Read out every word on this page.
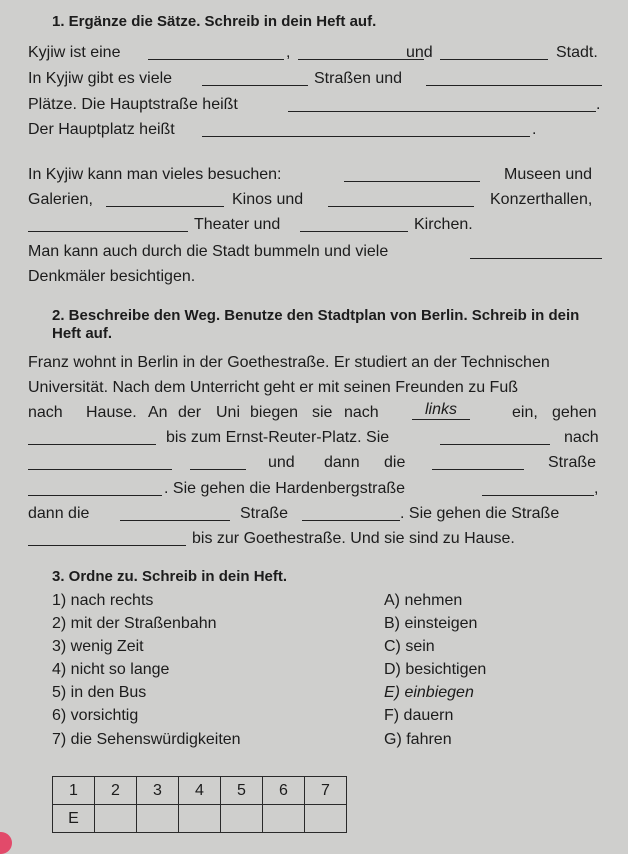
1. Ergänze die Sätze. Schreib in dein Heft auf.
Kyjiw ist eine	,	und	Stadt.
In Kyjiw gibt es viele	Straßen und
Plätze. Die Hauptstraße heißt	.
Der Hauptplatz heißt	.
In Kyjiw kann man vieles besuchen:	Museen und
Galerien,	Kinos und	Konzerthallen,
Theater und	Kirchen.
Man kann auch durch die Stadt bummeln und viele
Denkmäler besichtigen.
2. Beschreibe den Weg. Benutze den Stadtplan von Berlin. Schreib in dein
Heft auf.
Franz wohnt in Berlin in der Goethestraße. Er studiert an der Technischen
Universität. Nach dem Unterricht geht er mit seinen Freunden zu Fuß
nach Hause. An der Uni biegen sie nach	links	ein, gehen
bis zum Ernst-Reuter-Platz. Sie	nach
und dann die	Straße
. Sie gehen die Hardenbergstraße	,
dann die	Straße	. Sie gehen die Straße
bis zur Goethestraße. Und sie sind zu Hause.
3. Ordne zu. Schreib in dein Heft.
1) nach rechts
2) mit der Straßenbahn
3) wenig Zeit
4) nicht so lange
5) in den Bus
6) vorsichtig
7) die Sehenswürdigkeiten
A) nehmen
B) einsteigen
C) sein
D) besichtigen
E) einbiegen
F) dauern
G) fahren
1	2	3	4	5	6	7
E						
